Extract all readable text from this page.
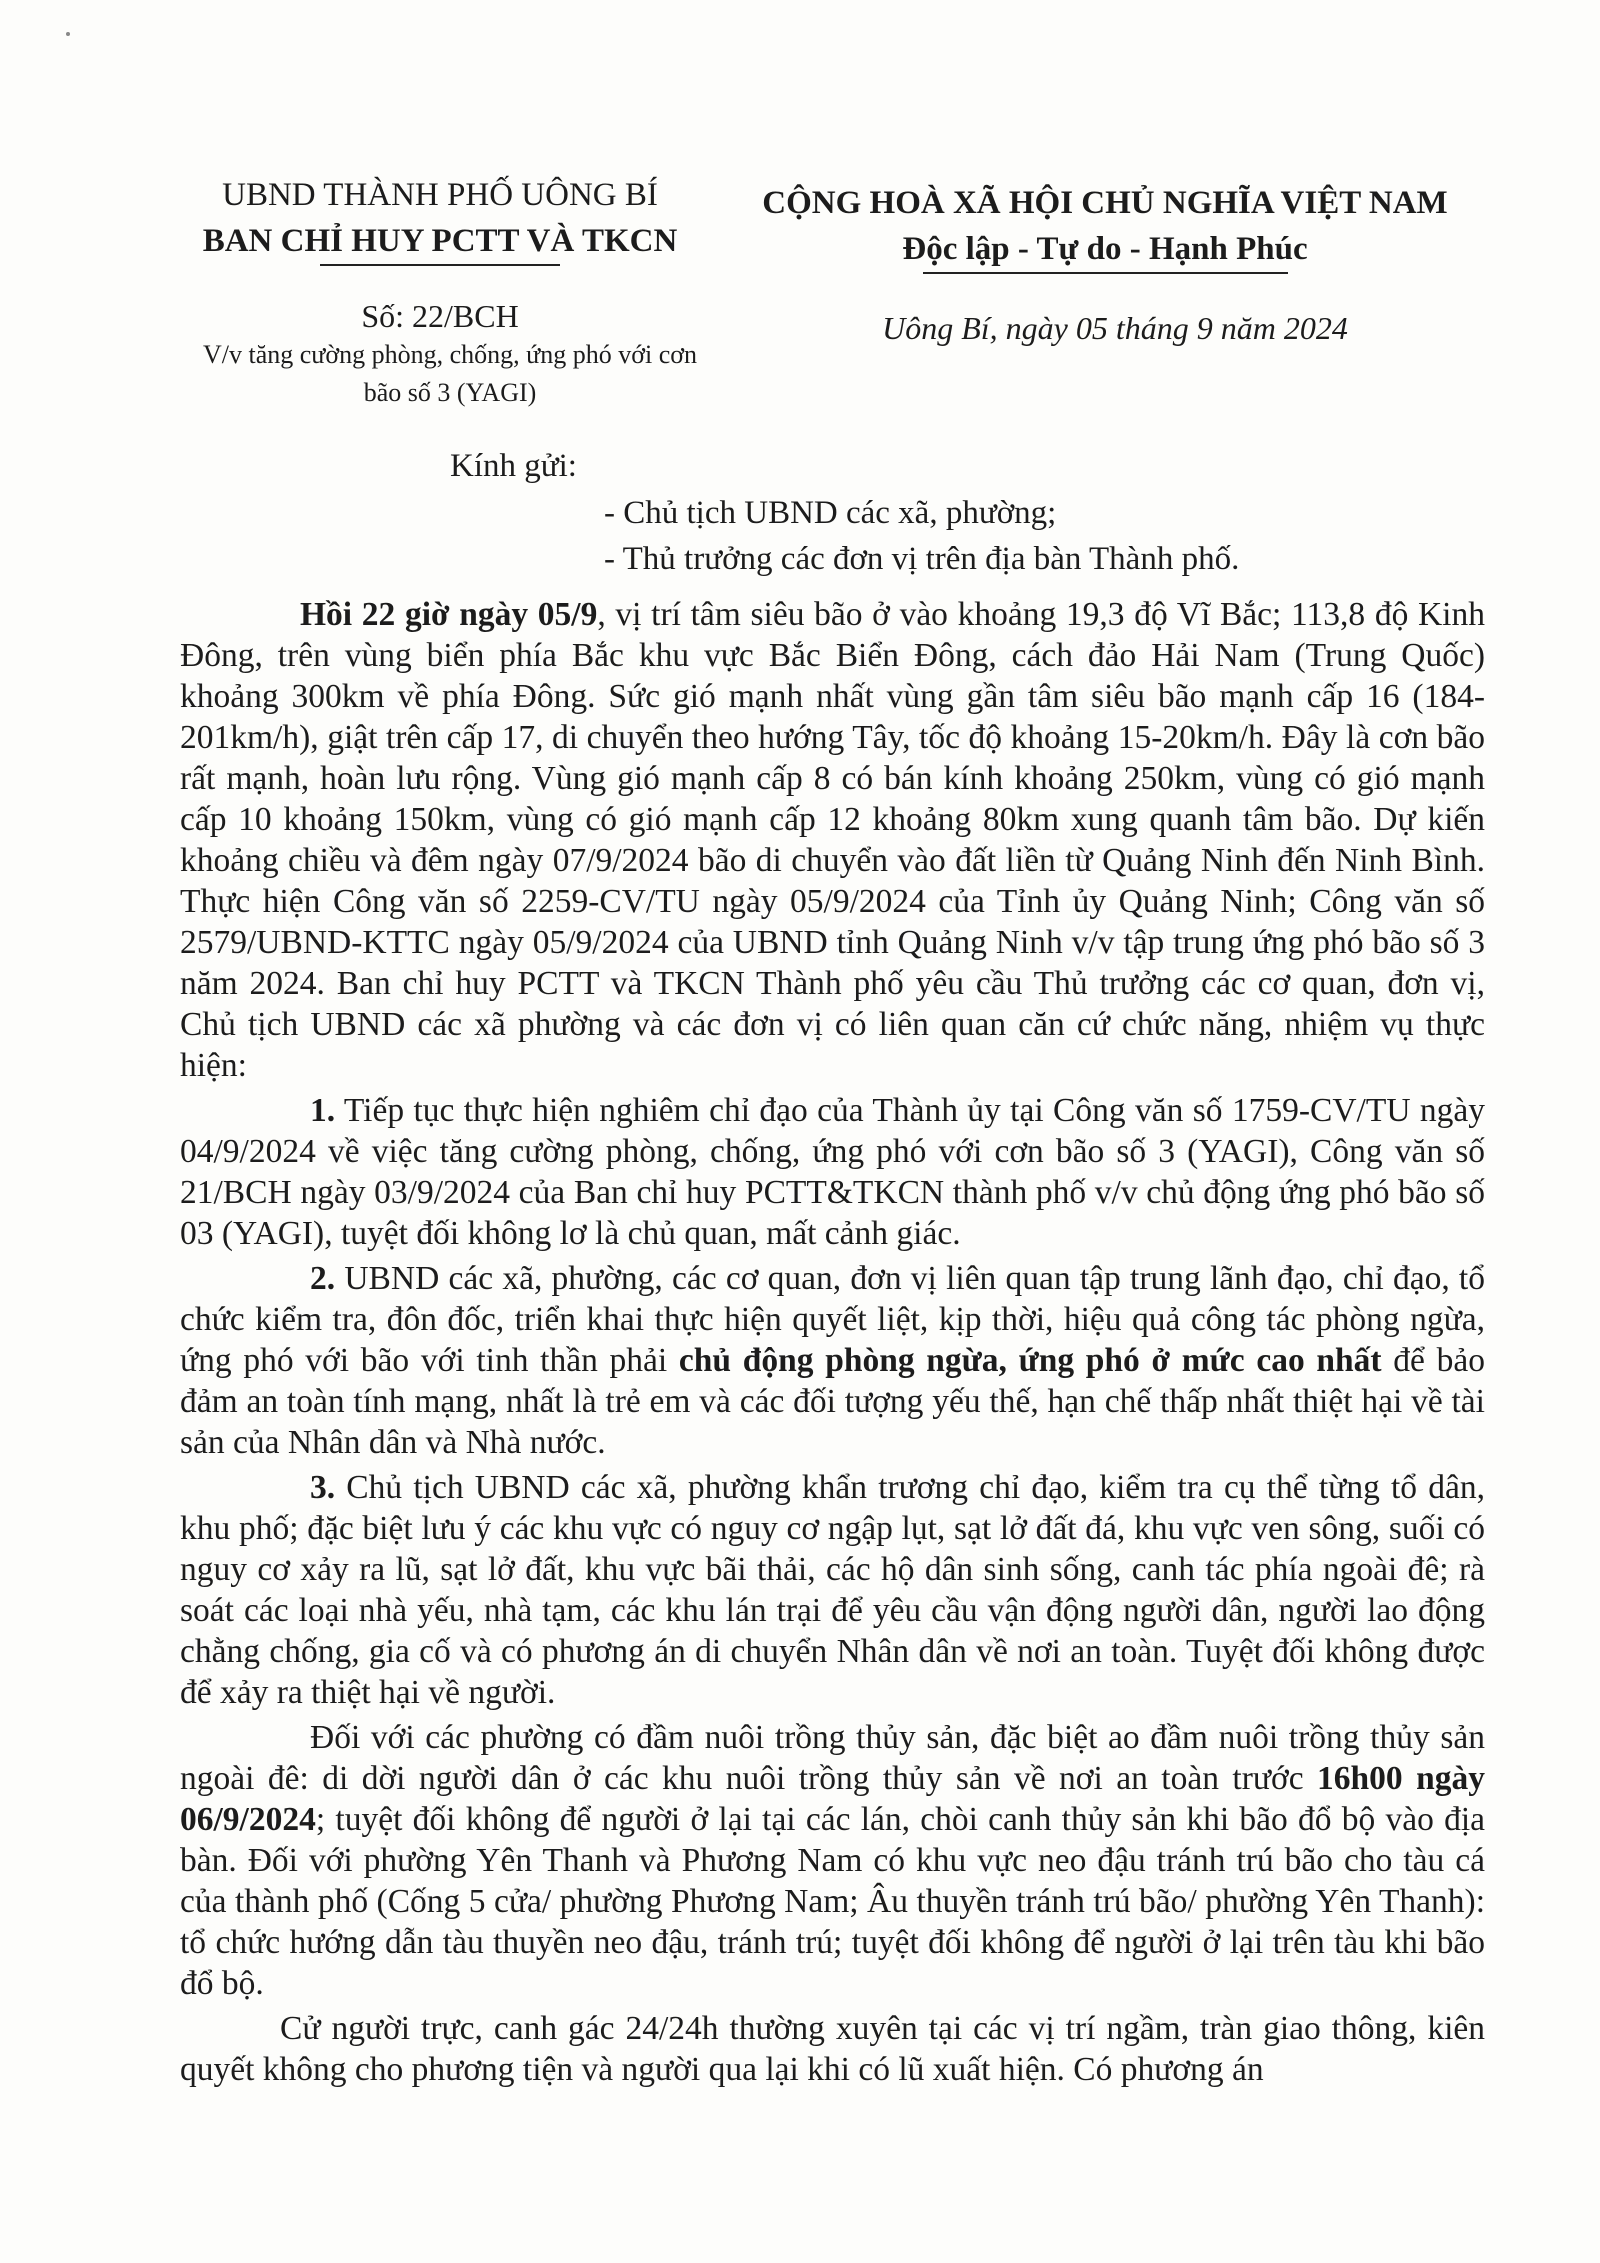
UBND THÀNH PHỐ UÔNG BÍ
BAN CHỈ HUY PCTT VÀ TKCN
CỘNG HOÀ XÃ HỘI CHỦ NGHĨA VIỆT NAM
Độc lập - Tự do - Hạnh Phúc
Số: 22/BCH
V/v tăng cường phòng, chống, ứng phó với cơn bão số 3 (YAGI)
Uông Bí, ngày 05 tháng 9 năm 2024
Kính gửi:
- Chủ tịch UBND các xã, phường;
- Thủ trưởng các đơn vị trên địa bàn Thành phố.

Hồi 22 giờ ngày 05/9, vị trí tâm siêu bão ở vào khoảng 19,3 độ Vĩ Bắc; 113,8 độ Kinh Đông, trên vùng biển phía Bắc khu vực Bắc Biển Đông, cách đảo Hải Nam (Trung Quốc) khoảng 300km về phía Đông. Sức gió mạnh nhất vùng gần tâm siêu bão mạnh cấp 16 (184-201km/h), giật trên cấp 17, di chuyển theo hướng Tây, tốc độ khoảng 15-20km/h. Đây là cơn bão rất mạnh, hoàn lưu rộng. Vùng gió mạnh cấp 8 có bán kính khoảng 250km, vùng có gió mạnh cấp 10 khoảng 150km, vùng có gió mạnh cấp 12 khoảng 80km xung quanh tâm bão. Dự kiến khoảng chiều và đêm ngày 07/9/2024 bão di chuyển vào đất liền từ Quảng Ninh đến Ninh Bình. Thực hiện Công văn số 2259-CV/TU ngày 05/9/2024 của Tỉnh ủy Quảng Ninh; Công văn số 2579/UBND-KTTC ngày 05/9/2024 của UBND tỉnh Quảng Ninh v/v tập trung ứng phó bão số 3 năm 2024. Ban chỉ huy PCTT và TKCN Thành phố yêu cầu Thủ trưởng các cơ quan, đơn vị, Chủ tịch UBND các xã phường và các đơn vị có liên quan căn cứ chức năng, nhiệm vụ thực hiện:

1. Tiếp tục thực hiện nghiêm chỉ đạo của Thành ủy tại Công văn số 1759-CV/TU ngày 04/9/2024 về việc tăng cường phòng, chống, ứng phó với cơn bão số 3 (YAGI), Công văn số 21/BCH ngày 03/9/2024 của Ban chỉ huy PCTT&TKCN thành phố v/v chủ động ứng phó bão số 03 (YAGI), tuyệt đối không lơ là chủ quan, mất cảnh giác.

2. UBND các xã, phường, các cơ quan, đơn vị liên quan tập trung lãnh đạo, chỉ đạo, tổ chức kiểm tra, đôn đốc, triển khai thực hiện quyết liệt, kịp thời, hiệu quả công tác phòng ngừa, ứng phó với bão với tinh thần phải chủ động phòng ngừa, ứng phó ở mức cao nhất để bảo đảm an toàn tính mạng, nhất là trẻ em và các đối tượng yếu thế, hạn chế thấp nhất thiệt hại về tài sản của Nhân dân và Nhà nước.

3. Chủ tịch UBND các xã, phường khẩn trương chỉ đạo, kiểm tra cụ thể từng tổ dân, khu phố; đặc biệt lưu ý các khu vực có nguy cơ ngập lụt, sạt lở đất đá, khu vực ven sông, suối có nguy cơ xảy ra lũ, sạt lở đất, khu vực bãi thải, các hộ dân sinh sống, canh tác phía ngoài đê; rà soát các loại nhà yếu, nhà tạm, các khu lán trại để yêu cầu vận động người dân, người lao động chằng chống, gia cố và có phương án di chuyển Nhân dân về nơi an toàn. Tuyệt đối không được để xảy ra thiệt hại về người.

Đối với các phường có đầm nuôi trồng thủy sản, đặc biệt ao đầm nuôi trồng thủy sản ngoài đê: di dời người dân ở các khu nuôi trồng thủy sản về nơi an toàn trước 16h00 ngày 06/9/2024; tuyệt đối không để người ở lại tại các lán, chòi canh thủy sản khi bão đổ bộ vào địa bàn. Đối với phường Yên Thanh và Phương Nam có khu vực neo đậu tránh trú bão cho tàu cá của thành phố (Cống 5 cửa/ phường Phương Nam; Âu thuyền tránh trú bão/ phường Yên Thanh): tổ chức hướng dẫn tàu thuyền neo đậu, tránh trú; tuyệt đối không để người ở lại trên tàu khi bão đổ bộ.

Cử người trực, canh gác 24/24h thường xuyên tại các vị trí ngầm, tràn giao thông, kiên quyết không cho phương tiện và người qua lại khi có lũ xuất hiện. Có phương án
